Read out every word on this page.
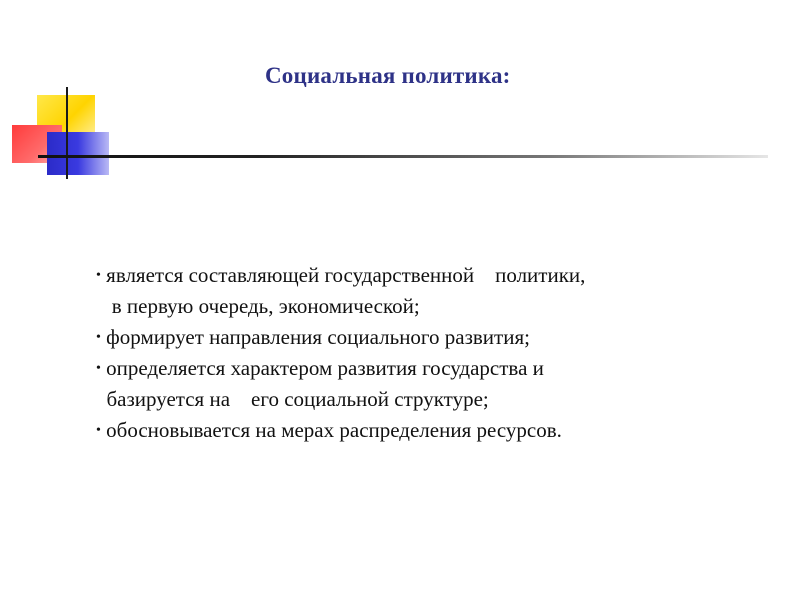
Социальная политика:
• является составляющей государственной    политики,
в первую очередь, экономической;
• формирует направления социального развития;
• определяется характером развития государства и
базируется на    его социальной структуре;
• обосновывается на мерах распределения ресурсов.
